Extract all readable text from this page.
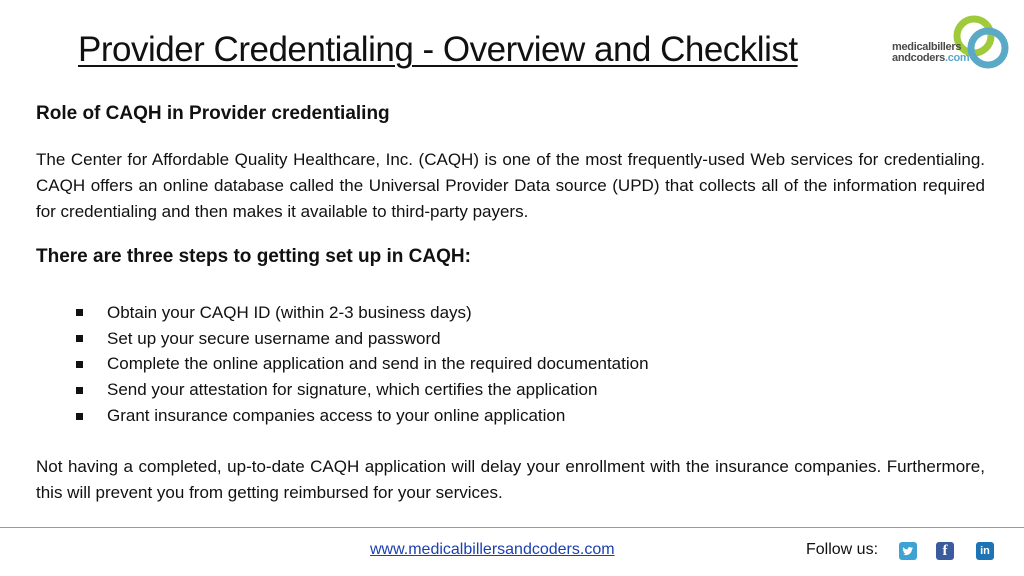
Provider Credentialing - Overview and Checklist	medicalbillers
andcoders.com
Role of CAQH in Provider credentialing

The Center for Affordable Quality Healthcare, Inc. (CAQH) is one of the most frequently-used Web services for credentialing. CAQH offers an online database called the Universal Provider Data source (UPD) that collects all of the information required for credentialing and then makes it available to third-party payers.

There are three steps to getting set up in CAQH:
Obtain your CAQH ID (within 2-3 business days)
Set up your secure username and password
Complete the online application and send in the required documentation
Send your attestation for signature, which certifies the application
Grant insurance companies access to your online application

Not having a completed, up-to-date CAQH application will delay your enrollment with the insurance companies. Furthermore, this will prevent you from getting reimbursed for your services.

www.medicalbillersandcoders.com	Follow us:	f	in
